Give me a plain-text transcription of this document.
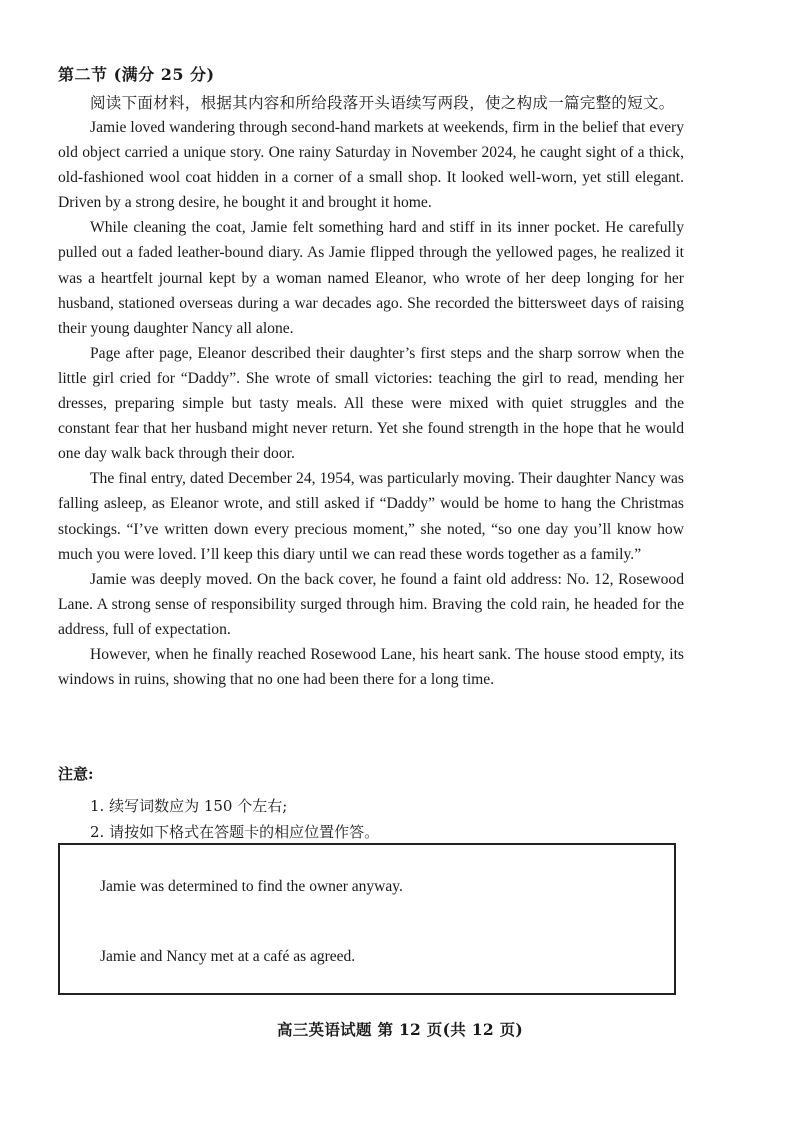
第二节 (满分 25 分)
阅读下面材料，根据其内容和所给段落开头语续写两段，使之构成一篇完整的短文。

Jamie loved wandering through second-hand markets at weekends, firm in the belief that every old object carried a unique story. One rainy Saturday in November 2024, he caught sight of a thick, old-fashioned wool coat hidden in a corner of a small shop. It looked well-worn, yet still elegant. Driven by a strong desire, he bought it and brought it home.

While cleaning the coat, Jamie felt something hard and stiff in its inner pocket. He carefully pulled out a faded leather-bound diary. As Jamie flipped through the yellowed pages, he realized it was a heartfelt journal kept by a woman named Eleanor, who wrote of her deep longing for her husband, stationed overseas during a war decades ago. She recorded the bittersweet days of raising their young daughter Nancy all alone.

Page after page, Eleanor described their daughter’s first steps and the sharp sorrow when the little girl cried for “Daddy”. She wrote of small victories: teaching the girl to read, mending her dresses, preparing simple but tasty meals. All these were mixed with quiet struggles and the constant fear that her husband might never return. Yet she found strength in the hope that he would one day walk back through their door.

The final entry, dated December 24, 1954, was particularly moving. Their daughter Nancy was falling asleep, as Eleanor wrote, and still asked if “Daddy” would be home to hang the Christmas stockings. “I’ve written down every precious moment,” she noted, “so one day you’ll know how much you were loved. I’ll keep this diary until we can read these words together as a family.”

Jamie was deeply moved. On the back cover, he found a faint old address: No. 12, Rosewood Lane. A strong sense of responsibility surged through him. Braving the cold rain, he headed for the address, full of expectation.

However, when he finally reached Rosewood Lane, his heart sank. The house stood empty, its windows in ruins, showing that no one had been there for a long time.

注意:
1. 续写词数应为 150 个左右;
2. 请按如下格式在答题卡的相应位置作答。
Jamie was determined to find the owner anyway.
Jamie and Nancy met at a café as agreed.
高三英语试题 第 12 页(共 12 页)
